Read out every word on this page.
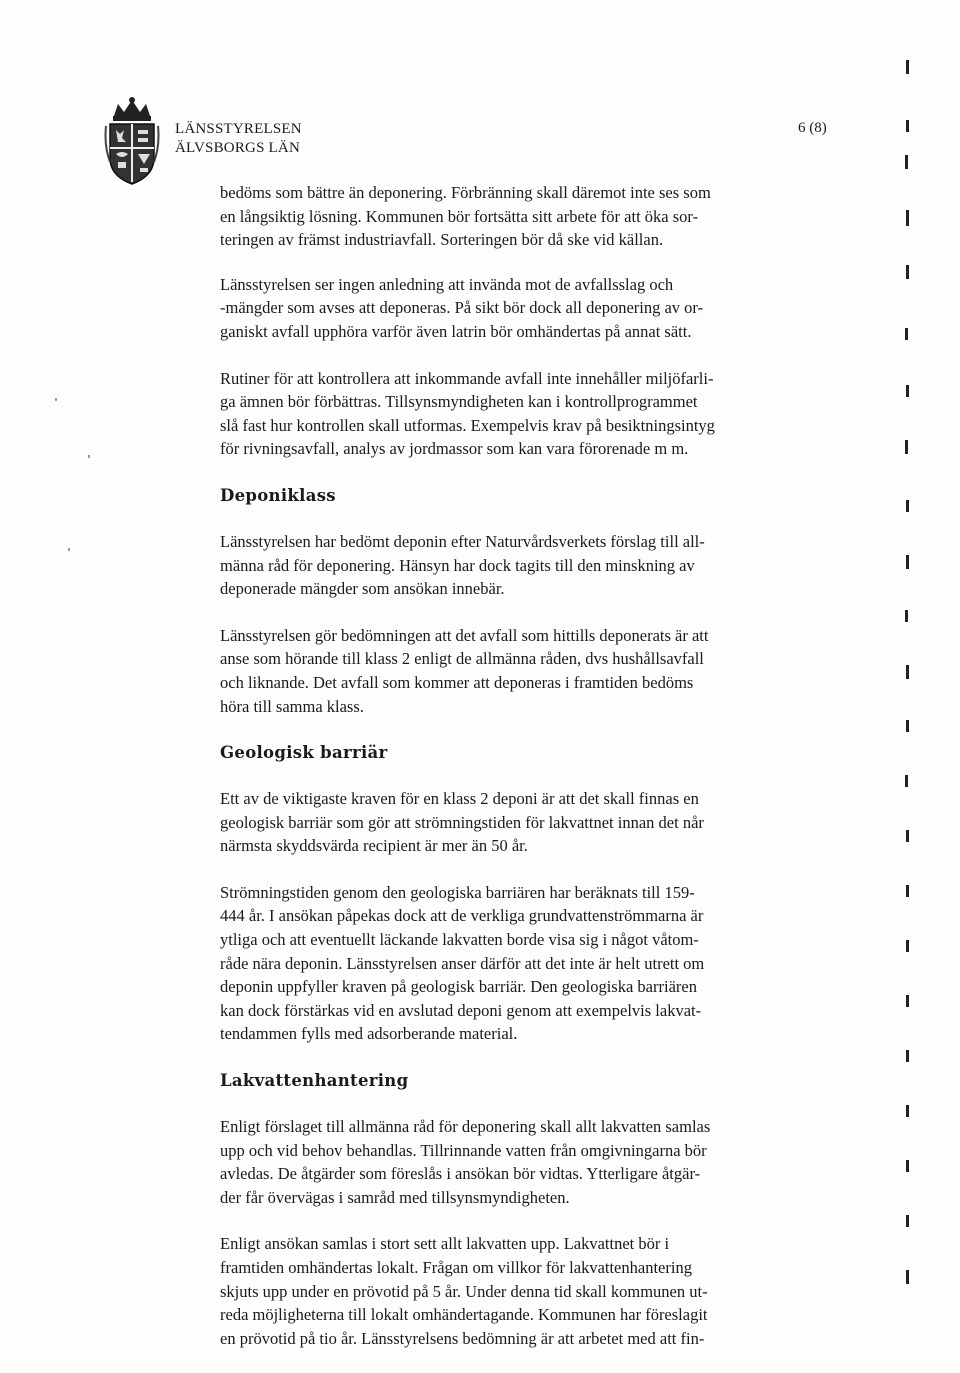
LÄNSSTYRELSEN
ÄLVSBORGS LÄN
6 (8)

bedöms som bättre än deponering. Förbränning skall däremot inte ses som
en långsiktig lösning. Kommunen bör fortsätta sitt arbete för att öka sor-
teringen av främst industriavfall. Sorteringen bör då ske vid källan.

Länsstyrelsen ser ingen anledning att invända mot de avfallsslag och
-mängder som avses att deponeras. På sikt bör dock all deponering av or-
ganiskt avfall upphöra varför även latrin bör omhändertas på annat sätt.

Rutiner för att kontrollera att inkommande avfall inte innehåller miljöfarli-
ga ämnen bör förbättras. Tillsynsmyndigheten kan i kontrollprogrammet
slå fast hur kontrollen skall utformas. Exempelvis krav på besiktningsintyg
för rivningsavfall, analys av jordmassor som kan vara förorenade m m.

Deponiklass

Länsstyrelsen har bedömt deponin efter Naturvårdsverkets förslag till all-
männa råd för deponering. Hänsyn har dock tagits till den minskning av
deponerade mängder som ansökan innebär.

Länsstyrelsen gör bedömningen att det avfall som hittills deponerats är att
anse som hörande till klass 2 enligt de allmänna råden, dvs hushållsavfall
och liknande. Det avfall som kommer att deponeras i framtiden bedöms
höra till samma klass.

Geologisk barriär

Ett av de viktigaste kraven för en klass 2 deponi är att det skall finnas en
geologisk barriär som gör att strömningstiden för lakvattnet innan det når
närmsta skyddsvärda recipient är mer än 50 år.

Strömningstiden genom den geologiska barriären har beräknats till 159-
444 år. I ansökan påpekas dock att de verkliga grundvattenströmmarna är
ytliga och att eventuellt läckande lakvatten borde visa sig i något våtom-
råde nära deponin. Länsstyrelsen anser därför att det inte är helt utrett om
deponin uppfyller kraven på geologisk barriär. Den geologiska barriären
kan dock förstärkas vid en avslutad deponi genom att exempelvis lakvat-
tendammen fylls med adsorberande material.

Lakvattenhantering

Enligt förslaget till allmänna råd för deponering skall allt lakvatten samlas
upp och vid behov behandlas. Tillrinnande vatten från omgivningarna bör
avledas. De åtgärder som föreslås i ansökan bör vidtas. Ytterligare åtgär-
der får övervägas i samråd med tillsynsmyndigheten.

Enligt ansökan samlas i stort sett allt lakvatten upp. Lakvattnet bör i
framtiden omhändertas lokalt. Frågan om villkor för lakvattenhantering
skjuts upp under en prövotid på 5 år. Under denna tid skall kommunen ut-
reda möjligheterna till lokalt omhändertagande. Kommunen har föreslagit
en prövotid på tio år. Länsstyrelsens bedömning är att arbetet med att fin-
